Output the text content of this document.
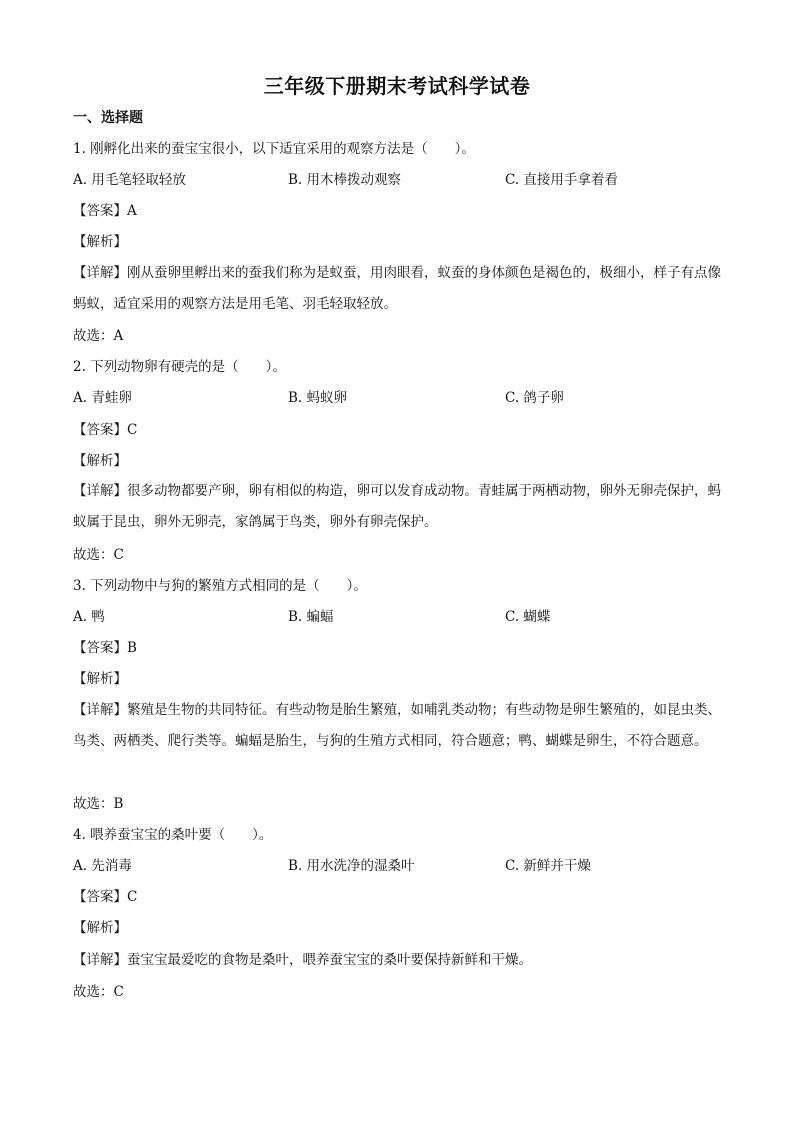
三年级下册期末考试科学试卷
一、选择题
1. 刚孵化出来的蚕宝宝很小，以下适宜采用的观察方法是（　　）。
A. 用毛笔轻取轻放	B. 用木棒拨动观察	C. 直接用手拿着看
【答案】A
【解析】
【详解】刚从蚕卵里孵出来的蚕我们称为是蚁蚕，用肉眼看，蚁蚕的身体颜色是褐色的，极细小，样子有点像蚂蚁，适宜采用的观察方法是用毛笔、羽毛轻取轻放。
故选：A
2. 下列动物卵有硬壳的是（　　）。
A. 青蛙卵	B. 蚂蚁卵	C. 鸽子卵
【答案】C
【解析】
【详解】很多动物都要产卵，卵有相似的构造，卵可以发育成动物。青蛙属于两栖动物，卵外无卵壳保护，蚂蚁属于昆虫，卵外无卵壳，家鸽属于鸟类，卵外有卵壳保护。
故选：C
3. 下列动物中与狗的繁殖方式相同的是（　　）。
A. 鸭	B. 蝙蝠	C. 蝴蝶
【答案】B
【解析】
【详解】繁殖是生物的共同特征。有些动物是胎生繁殖，如哺乳类动物；有些动物是卵生繁殖的，如昆虫类、鸟类、两栖类、爬行类等。蝙蝠是胎生，与狗的生殖方式相同，符合题意；鸭、蝴蝶是卵生，不符合题意。
故选：B
4. 喂养蚕宝宝的桑叶要（　　）。
A. 先消毒	B. 用水洗净的湿桑叶	C. 新鲜并干燥
【答案】C
【解析】
【详解】蚕宝宝最爱吃的食物是桑叶，喂养蚕宝宝的桑叶要保持新鲜和干燥。
故选：C
